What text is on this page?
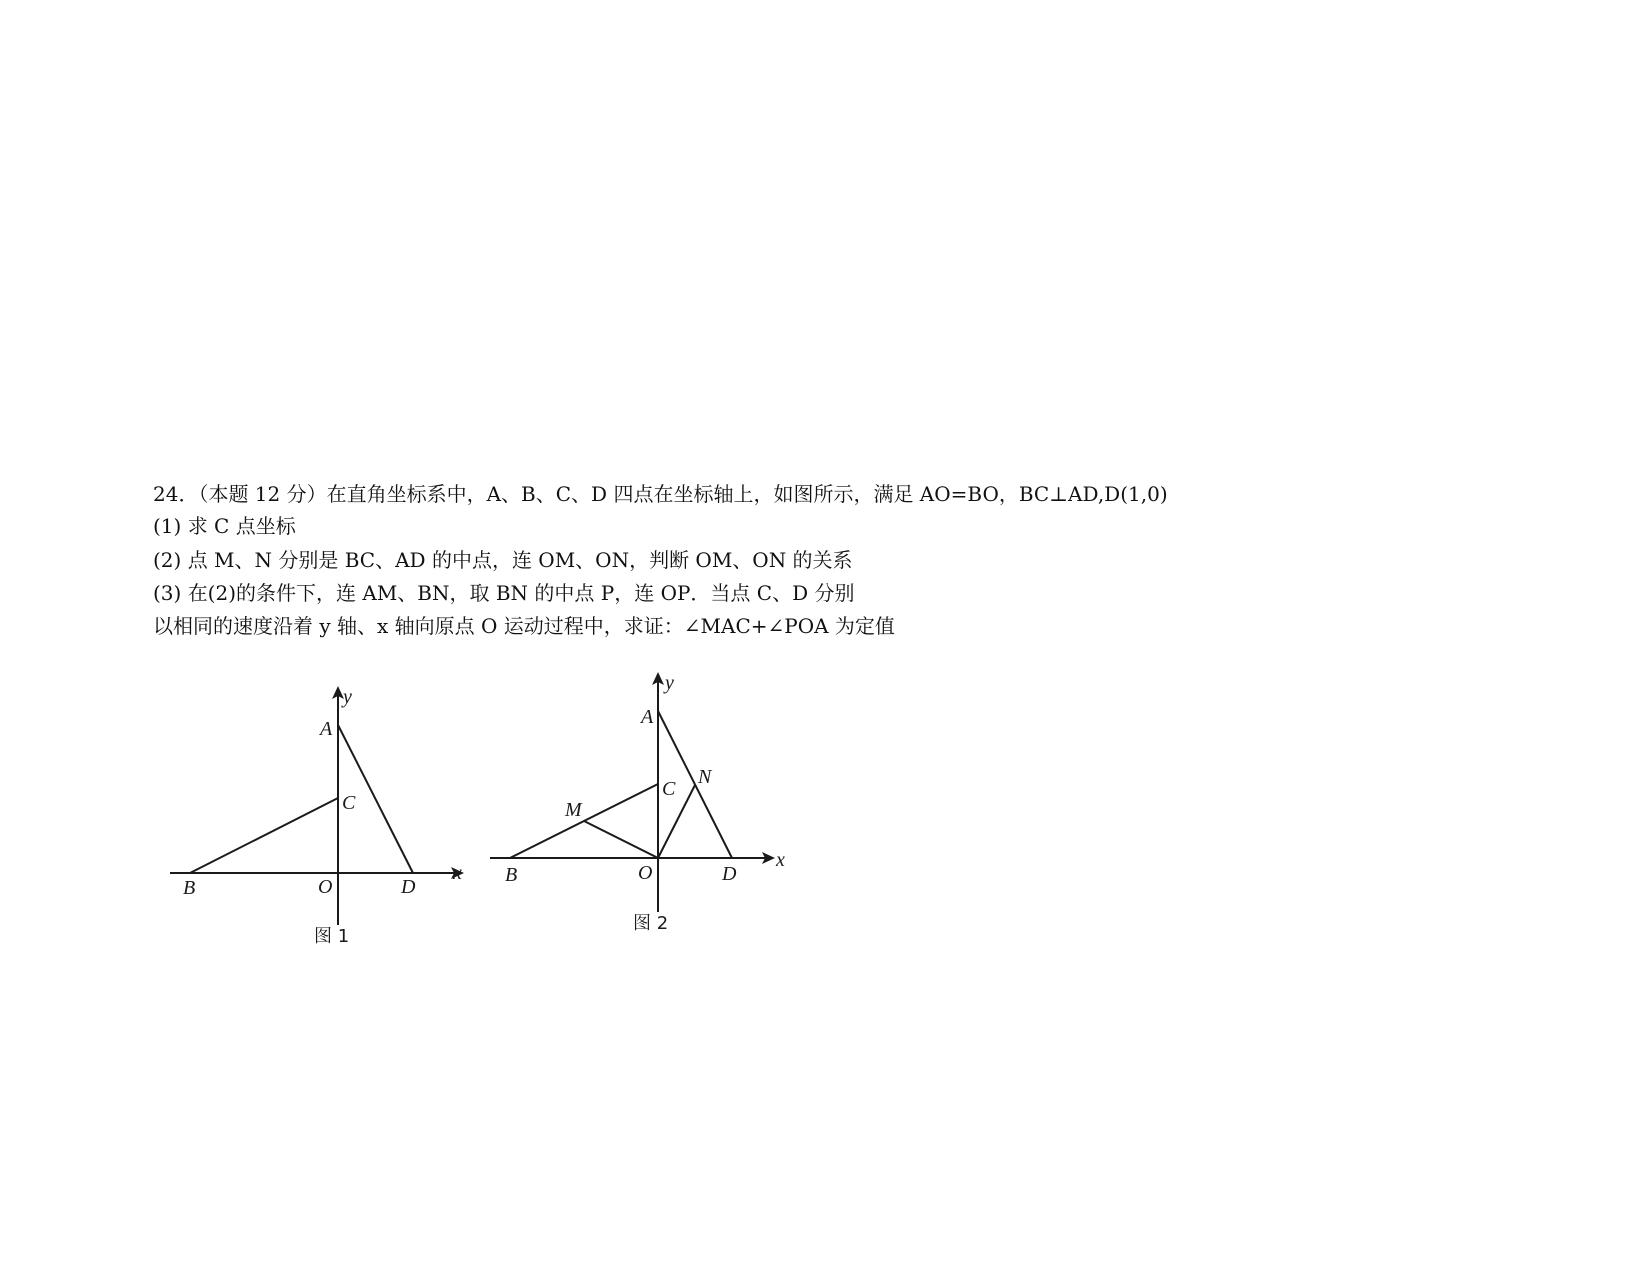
24．（本题 12 分）在直角坐标系中，A、B、C、D 四点在坐标轴上，如图所示，满足 AO=BO，BC⊥AD,D(1,0)
(1) 求 C 点坐标
(2) 点 M、N 分别是 BC、AD 的中点，连 OM、ON，判断 OM、ON 的关系
(3) 在(2)的条件下，连 AM、BN，取 BN 的中点 P，连 OP．当点 C、D 分别
以相同的速度沿着 y 轴、x 轴向原点 O 运动过程中，求证：∠MAC+∠POA 为定值
y
A
C
B	O	D
x
图 1
y
A
C
N
M
B	O	D
x
图 2
